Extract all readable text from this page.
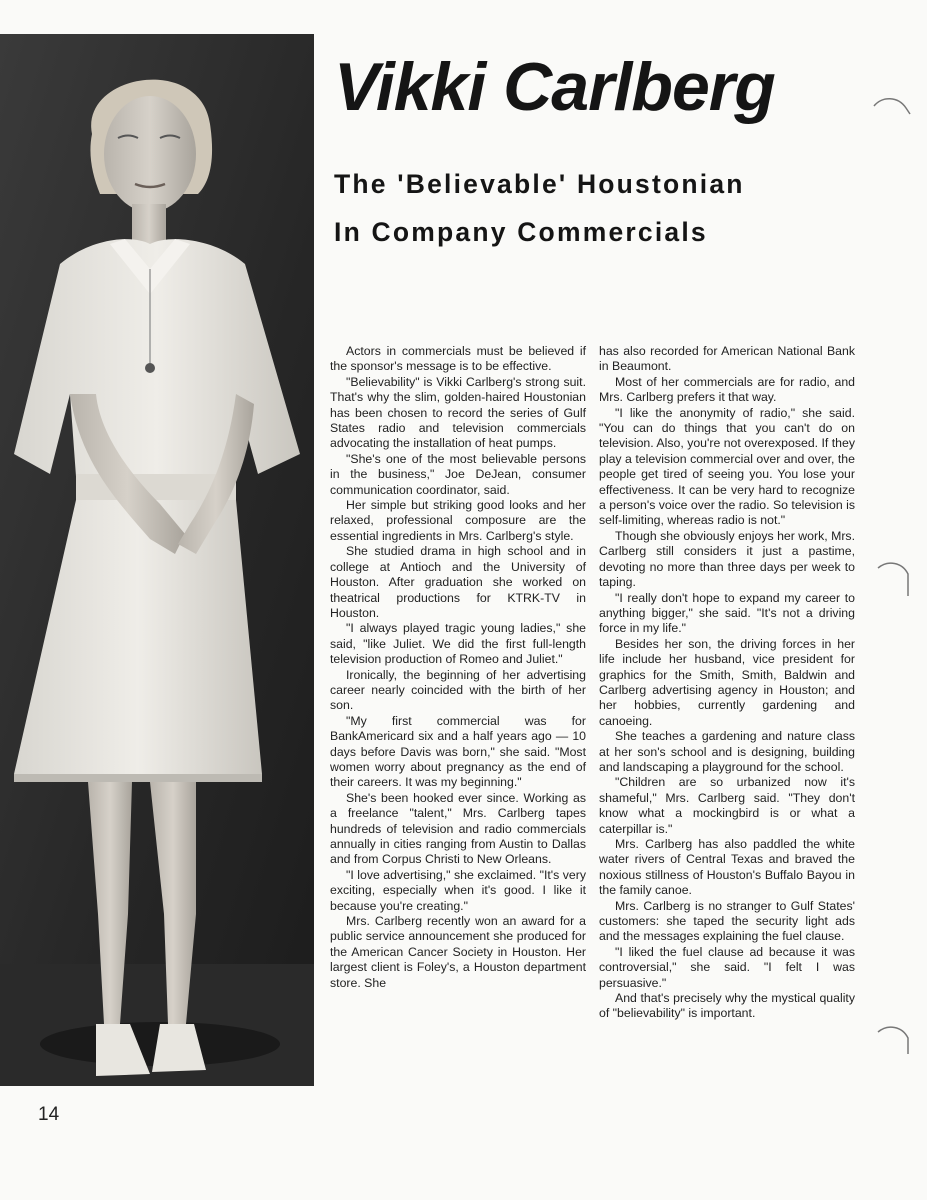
Vikki Carlberg
The 'Believable' Houstonian
In Company Commercials

Actors in commercials must be believed if the sponsor's message is to be effective.

"Believability" is Vikki Carlberg's strong suit. That's why the slim, golden-haired Houstonian has been chosen to record the series of Gulf States radio and television commercials advocating the installation of heat pumps.

"She's one of the most believable persons in the business," Joe DeJean, consumer communication coordinator, said.

Her simple but striking good looks and her relaxed, professional composure are the essential ingredients in Mrs. Carlberg's style.

She studied drama in high school and in college at Antioch and the University of Houston. After graduation she worked on theatrical productions for KTRK-TV in Houston.

"I always played tragic young ladies," she said, "like Juliet. We did the first full-length television production of Romeo and Juliet."

Ironically, the beginning of her advertising career nearly coincided with the birth of her son.

"My first commercial was for BankAmericard six and a half years ago — 10 days before Davis was born," she said. "Most women worry about pregnancy as the end of their careers. It was my beginning."

She's been hooked ever since. Working as a freelance "talent," Mrs. Carlberg tapes hundreds of television and radio commercials annually in cities ranging from Austin to Dallas and from Corpus Christi to New Orleans.

"I love advertising," she exclaimed. "It's very exciting, especially when it's good. I like it because you're creating."

Mrs. Carlberg recently won an award for a public service announcement she produced for the American Cancer Society in Houston. Her largest client is Foley's, a Houston department store. She

has also recorded for American National Bank in Beaumont.

Most of her commercials are for radio, and Mrs. Carlberg prefers it that way.

"I like the anonymity of radio," she said. "You can do things that you can't do on television. Also, you're not overexposed. If they play a television commercial over and over, the people get tired of seeing you. You lose your effectiveness. It can be very hard to recognize a person's voice over the radio. So television is self-limiting, whereas radio is not."

Though she obviously enjoys her work, Mrs. Carlberg still considers it just a pastime, devoting no more than three days per week to taping.

"I really don't hope to expand my career to anything bigger," she said. "It's not a driving force in my life."

Besides her son, the driving forces in her life include her husband, vice president for graphics for the Smith, Smith, Baldwin and Carlberg advertising agency in Houston; and her hobbies, currently gardening and canoeing.

She teaches a gardening and nature class at her son's school and is designing, building and landscaping a playground for the school.

"Children are so urbanized now it's shameful," Mrs. Carlberg said. "They don't know what a mockingbird is or what a caterpillar is."

Mrs. Carlberg has also paddled the white water rivers of Central Texas and braved the noxious stillness of Houston's Buffalo Bayou in the family canoe.

Mrs. Carlberg is no stranger to Gulf States' customers: she taped the security light ads and the messages explaining the fuel clause.

"I liked the fuel clause ad because it was controversial," she said. "I felt I was persuasive."

And that's precisely why the mystical quality of "believability" is important.

14
